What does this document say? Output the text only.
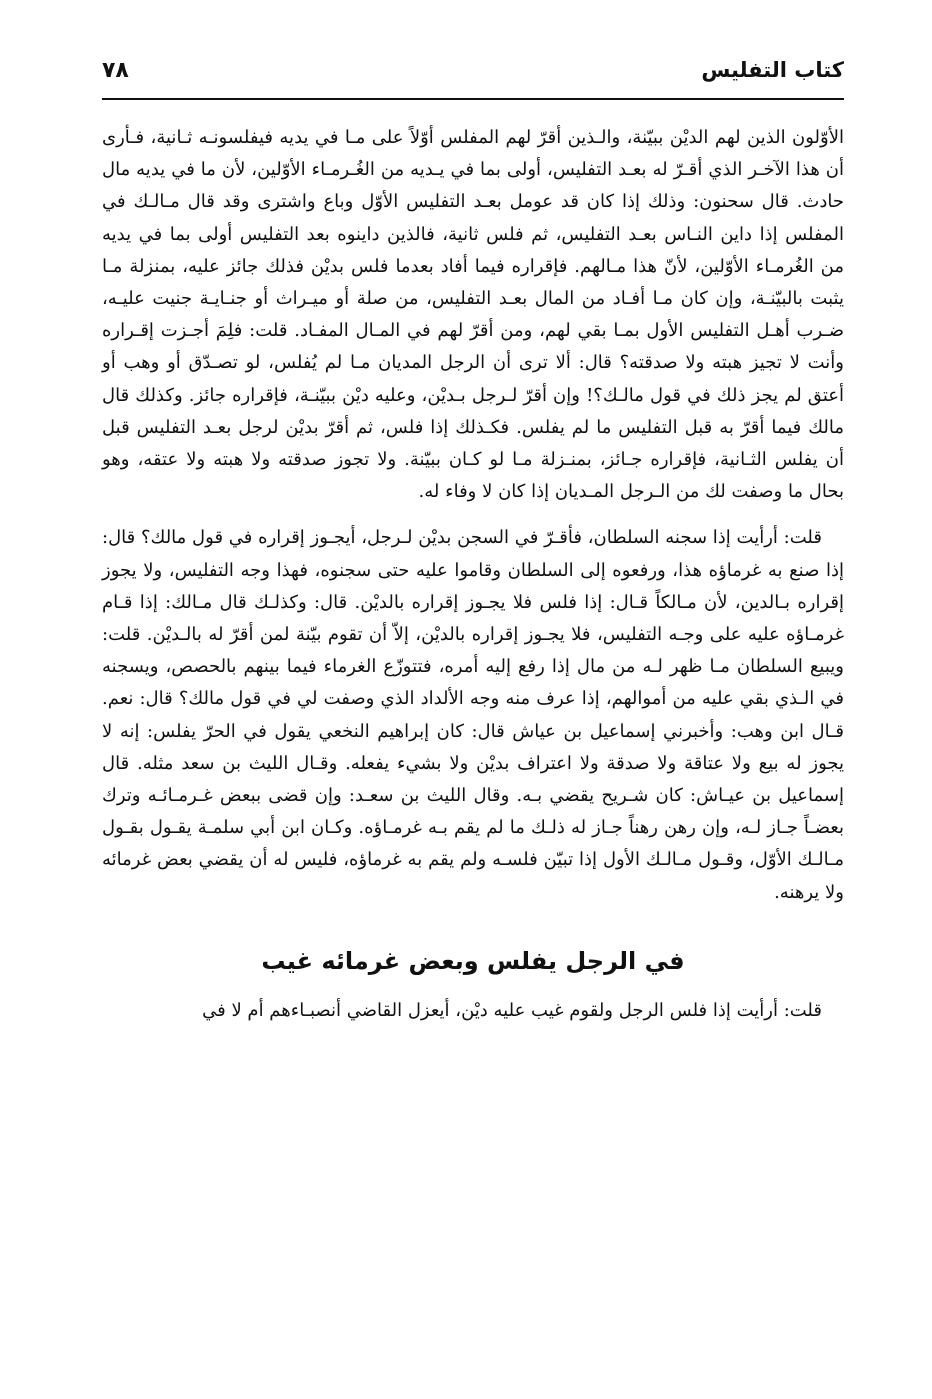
كتاب التفليس
٧٨

الأوّلون الذين لهم الديْن ببيّنة، والـذين أقرّ لهم المفلس أوّلاً على مـا في يديه فيفلسونـه ثـانية، فـأرى أن هذا الآخـر الذي أقـرّ له بعـد التفليس، أولى بما في يـديه من الغُـرمـاء الأوّلين، لأن ما في يديه مال حادث. قال سحنون: وذلك إذا كان قد عومل بعـد التفليس الأوّل وباع واشترى وقد قال مـالـك في المفلس إذا داين النـاس بعـد التفليس، ثم فلس ثانية، فالذين داينوه بعد التفليس أولى بما في يديه من الغُرمـاء الأوّلين، لأنّ هذا مـالهم. فإقراره فيما أفاد بعدما فلس بديْن فذلك جائز عليه، بمنزلة مـا يثبت بالبيّنـة، وإن كان مـا أفـاد من المال بعـد التفليس، من صلة أو ميـراث أو جنـايـة جنيت عليـه، ضـرب أهـل التفليس الأول بمـا بقي لهم، ومن أقرّ لهم في المـال المفـاد. قلت: فلِمَ أجـزت إقـراره وأنت لا تجيز هبته ولا صدقته؟ قال: ألا ترى أن الرجل المديان مـا لم يُفلس، لو تصـدّق أو وهب أو أعتق لم يجز ذلك في قول مالـك؟! وإن أقرّ لـرجل بـديْن، وعليه ديْن ببيّنـة، فإقراره جائز. وكذلك قال مالك فيما أقرّ به قبل التفليس ما لم يفلس. فكـذلك إذا فلس، ثم أقرّ بديْن لرجل بعـد التفليس قبل أن يفلس الثـانية، فإقراره جـائز، بمنـزلة مـا لو كـان ببيّنة. ولا تجوز صدقته ولا هبته ولا عتقه، وهو بحال ما وصفت لك من الـرجل المـديان إذا كان لا وفاء له.

قلت: أرأيت إذا سجنه السلطان، فأقـرّ في السجن بديْن لـرجل، أيجـوز إقراره في قول مالك؟ قال: إذا صنع به غرماؤه هذا، ورفعوه إلى السلطان وقاموا عليه حتى سجنوه، فهذا وجه التفليس، ولا يجوز إقراره بـالدين، لأن مـالكاً قـال: إذا فلس فلا يجـوز إقراره بالديْن. قال: وكذلـك قال مـالك: إذا قـام غرمـاؤه عليه على وجـه التفليس، فلا يجـوز إقراره بالديْن، إلاّ أن تقوم بيّنة لمن أقرّ له بالـديْن. قلت: ويبيع السلطان مـا ظهر لـه من مال إذا رفع إليه أمره، فتتوزّع الغرماء فيما بينهم بالحصص، ويسجنه في الـذي بقي عليه من أموالهم، إذا عرف منه وجه الألداد الذي وصفت لي في قول مالك؟ قال: نعم. قـال ابن وهب: وأخبرني إسماعيل بن عياش قال: كان إبراهيم النخعي يقول في الحرّ يفلس: إنه لا يجوز له بيع ولا عتاقة ولا صدقة ولا اعتراف بديْن ولا بشيء يفعله. وقـال الليث بن سعد مثله. قال إسماعيل بن عيـاش: كان شـريح يقضي بـه. وقال الليث بن سعـد: وإن قضى ببعض غـرمـائـه وترك بعضـاً جـاز لـه، وإن رهن رهناً جـاز له ذلـك ما لم يقم بـه غرمـاؤه. وكـان ابن أبي سلمـة يقـول بقـول مـالـك الأوّل، وقـول مـالـك الأول إذا تبيّن فلسـه ولم يقم به غرماؤه، فليس له أن يقضي بعض غرمائه ولا يرهنه.

في الرجل يفلس وبعض غرمائه غيب

قلت: أرأيت إذا فلس الرجل ولقوم غيب عليه ديْن، أيعزل القاضي أنصبـاءهم أم لا في
